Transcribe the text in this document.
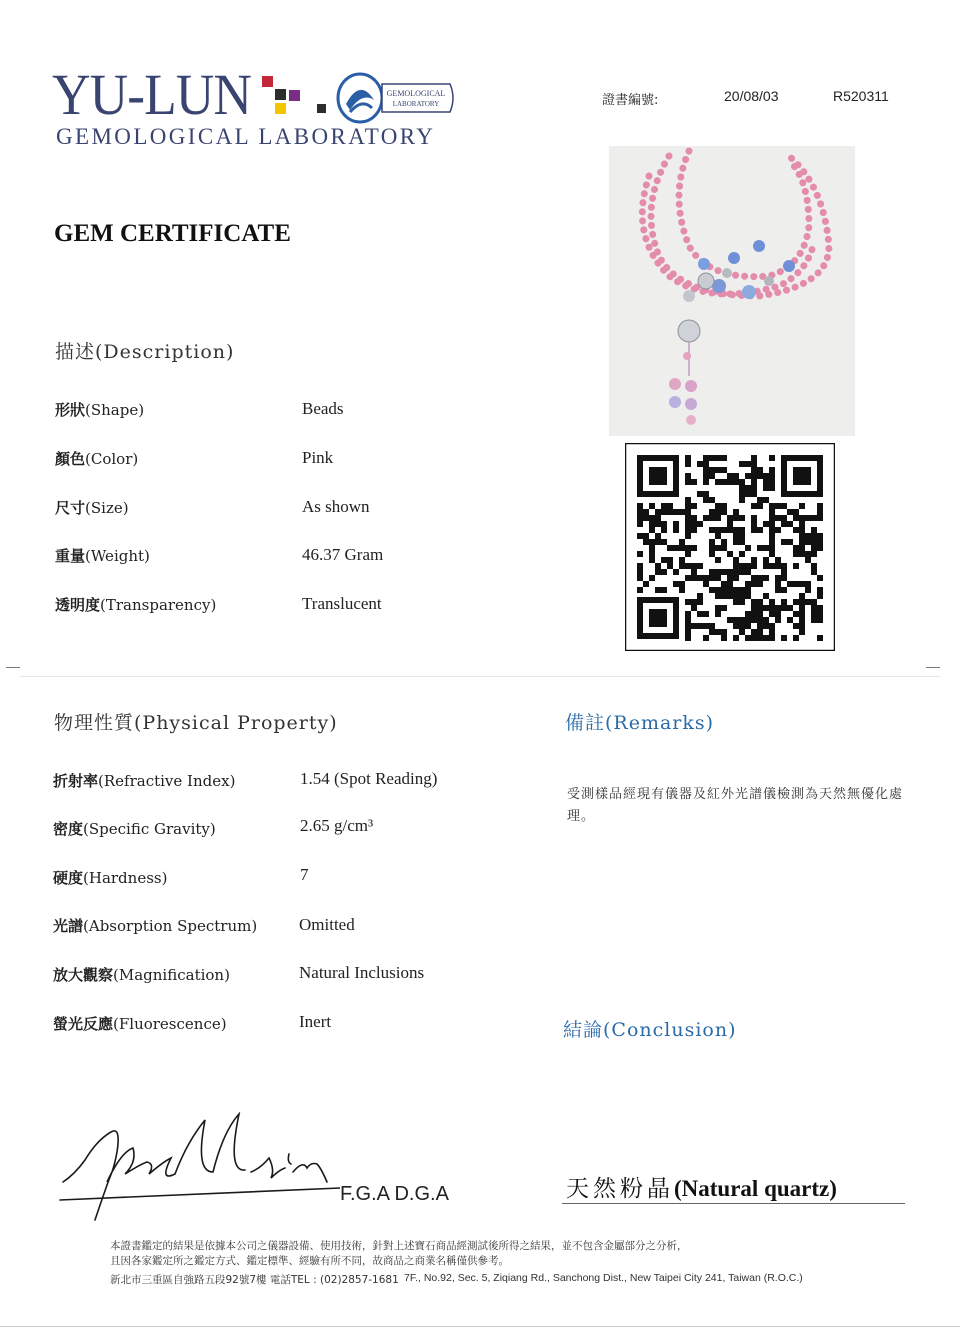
YU-LUN	GEMOLOGICAL
LABORATORY
GEMOLOGICAL LABORATORY
證書編號:	20/08/03	R520311
GEM CERTIFICATE
描述(Description)
形狀(Shape)	Beads
顏色(Color)	Pink
尺寸(Size)	As shown
重量(Weight)	46.37 Gram
透明度(Transparency)	Translucent
物理性質(Physical Property)
折射率(Refractive Index)	1.54 (Spot Reading)
密度(Specific Gravity)	2.65 g/cm³
硬度(Hardness)	7
光譜(Absorption Spectrum) Omitted
放大觀察(Magnification)	Natural Inclusions
螢光反應(Fluorescence)	Inert
備註(Remarks)
受測樣品經現有儀器及紅外光譜儀檢測為天然無優化處理。
結論(Conclusion)
天然粉晶(Natural quartz)
F.G.A D.G.A
本證書鑑定的結果是依據本公司之儀器設備、使用技術，針對上述寶石商品經測試後所得之結果，並不包含金屬部分之分析，
且因各家鑑定所之鑑定方式、鑑定標準、經驗有所不同，故商品之商業名稱僅供參考。
新北市三重區自強路五段92號7樓 電話TEL : (02)2857-1681 7F., No.92, Sec. 5, Ziqiang Rd., Sanchong Dist., New Taipei City 241, Taiwan (R.O.C.)
